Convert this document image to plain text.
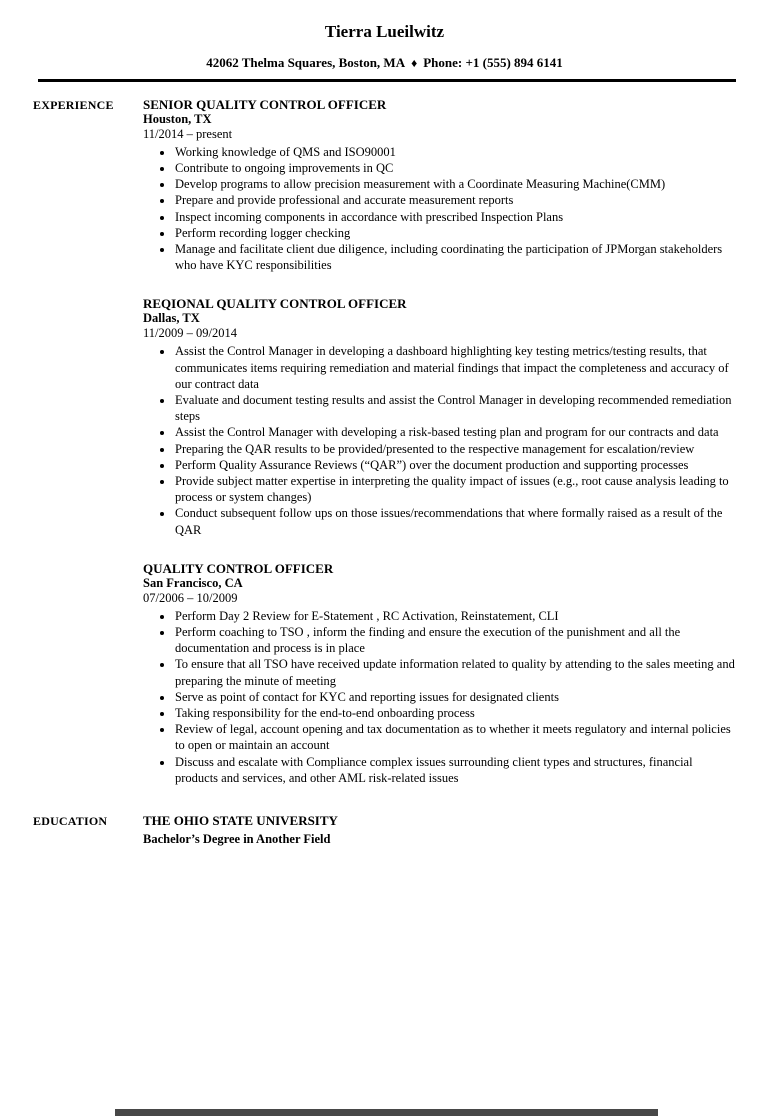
Tierra Lueilwitz
42062 Thelma Squares, Boston, MA ♦ Phone: +1 (555) 894 6141
EXPERIENCE	SENIOR QUALITY CONTROL OFFICER
Houston, TX
11/2014 – present
• Working knowledge of QMS and ISO90001
• Contribute to ongoing improvements in QC
• Develop programs to allow precision measurement with a Coordinate Measuring Machine(CMM)
• Prepare and provide professional and accurate measurement reports
• Inspect incoming components in accordance with prescribed Inspection Plans
• Perform recording logger checking
• Manage and facilitate client due diligence, including coordinating the participation of JPMorgan stakeholders who have KYC responsibilities
REQIONAL QUALITY CONTROL OFFICER
Dallas, TX
11/2009 – 09/2014
• Assist the Control Manager in developing a dashboard highlighting key testing metrics/testing results, that communicates items requiring remediation and material findings that impact the completeness and accuracy of our contract data
• Evaluate and document testing results and assist the Control Manager in developing recommended remediation steps
• Assist the Control Manager with developing a risk-based testing plan and program for our contracts and data
• Preparing the QAR results to be provided/presented to the respective management for escalation/review
• Perform Quality Assurance Reviews (“QAR”) over the document production and supporting processes
• Provide subject matter expertise in interpreting the quality impact of issues (e.g., root cause analysis leading to process or system changes)
• Conduct subsequent follow ups on those issues/recommendations that where formally raised as a result of the QAR
QUALITY CONTROL OFFICER
San Francisco, CA
07/2006 – 10/2009
• Perform Day 2 Review for E-Statement , RC Activation, Reinstatement, CLI
• Perform coaching to TSO , inform the finding and ensure the execution of the punishment and all the documentation and process is in place
• To ensure that all TSO have received update information related to quality by attending to the sales meeting and preparing the minute of meeting
• Serve as point of contact for KYC and reporting issues for designated clients
• Taking responsibility for the end-to-end onboarding process
• Review of legal, account opening and tax documentation as to whether it meets regulatory and internal policies to open or maintain an account
• Discuss and escalate with Compliance complex issues surrounding client types and structures, financial products and services, and other AML risk-related issues
EDUCATION	THE OHIO STATE UNIVERSITY
Bachelor’s Degree in Another Field
